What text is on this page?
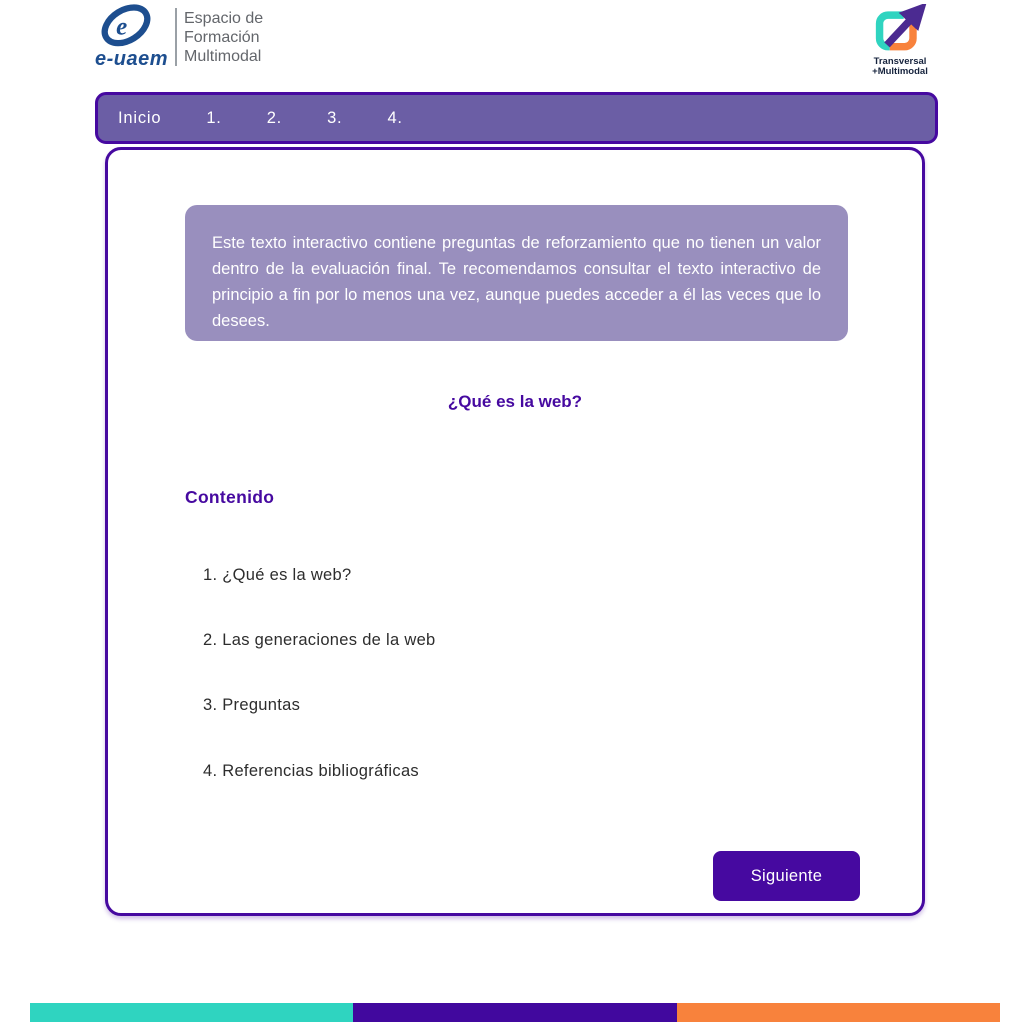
e
e-uaem
Espacio de
Formación
Multimodal	Transversal
+Multimodal
Inicio	1.	2.	3.	4.
Este texto interactivo contiene preguntas de reforzamiento que no tienen un valor dentro de la evaluación final. Te recomendamos consultar el texto interactivo de principio a fin por lo menos una vez, aunque puedes acceder a él las veces que lo desees.
¿Qué es la web?
Contenido
1. ¿Qué es la web?
2. Las generaciones de la web
3. Preguntas
4. Referencias bibliográficas
Siguiente
